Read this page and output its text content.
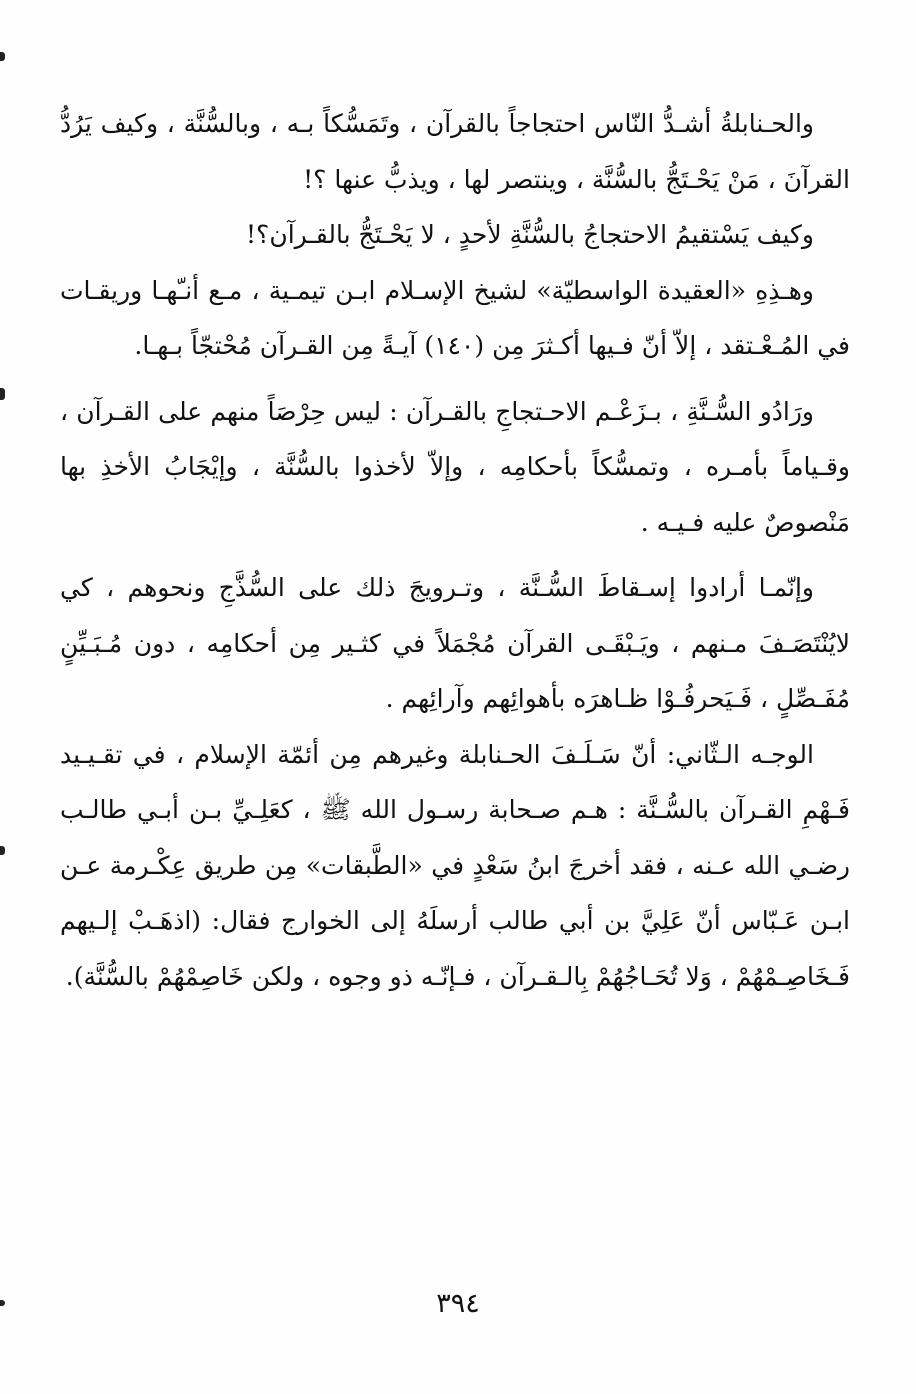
والحـنابلةُ أشـدُّ النّاس احتجاجاً بالقرآن ، وتَمَسُّكاً بـه ، وبالسُّنَّة ، وكيف يَرُدُّ القرآنَ ، مَنْ يَحْـتَجُّ بالسُّنَّة ، وينتصر لها ، ويذبُّ عنها ؟!

وكيف يَسْتقيمُ الاحتجاجُ بالسُّنَّةِ لأحدٍ ، لا يَحْـتَجُّ بالقـرآن؟!

وهـذِهِ «العقيدة الواسطيّة» لشيخ الإسـلام ابـن تيمـية ، مـع أنـّهـا وريقـات في المُـعْـتقد ، إلاّ أنّ فـيها أكـثرَ مِن (١٤٠) آيـةً مِن القـرآن مُحْتجّاً بـهـا.

ورَادُو السُّـنَّةِ ، بـزَعْـم الاحـتجاجِ بالقـرآن : ليس حِرْصَاً منهم على القـرآن ، وقـياماً بأمـره ، وتمسُّكاً بأحكامِه ، وإلاّ لأخذوا بالسُّنَّة ، وإيْجَابُ الأخذِ بها مَنْصوصٌ عليه فـيـه .

وإنّمـا أرادوا إسـقاطَ السُّـنَّة ، وتـرويجَ ذلك على السُّذَّجِ ونحوهم ، كي لايُنْتَصَـفَ مـنهم ، ويَـبْقَـى القرآن مُجْمَلاً في كثـير مِن أحكامِه ، دون مُـبَـيِّنٍ مُفَـصِّلٍ ، فَـيَحرفُـوْا ظـاهرَه بأهوائِهم وآرائِهم .

الوجـه الـثّاني: أنّ سَـلَـفَ الحـنابلة وغيرهم مِن أئمّة الإسلام ، في تقـيـيد فَـهْمِ القـرآن بالسُّـنَّة : هـم صـحابة رسـول الله ﷺ ، كعَلِـيِّ بـن أبـي طالـب رضـي الله عـنه ، فقد أخرجَ ابنُ سَعْدٍ في «الطَّبقات» مِن طريق عِكْـرمة عـن ابـن عَـبّاس أنّ عَلِيَّ بن أبي طالب أرسلَهُ إلى الخوارج فقال: (اذهَـبْ إلـيهم فَـخَاصِـمْهُمْ ، وَلا تُحَـاجُهُمْ بِالـقـرآن ، فـإنّـه ذو وجوه ، ولكن خَاصِمْهُمْ بالسُّنَّة).

٣٩٤
